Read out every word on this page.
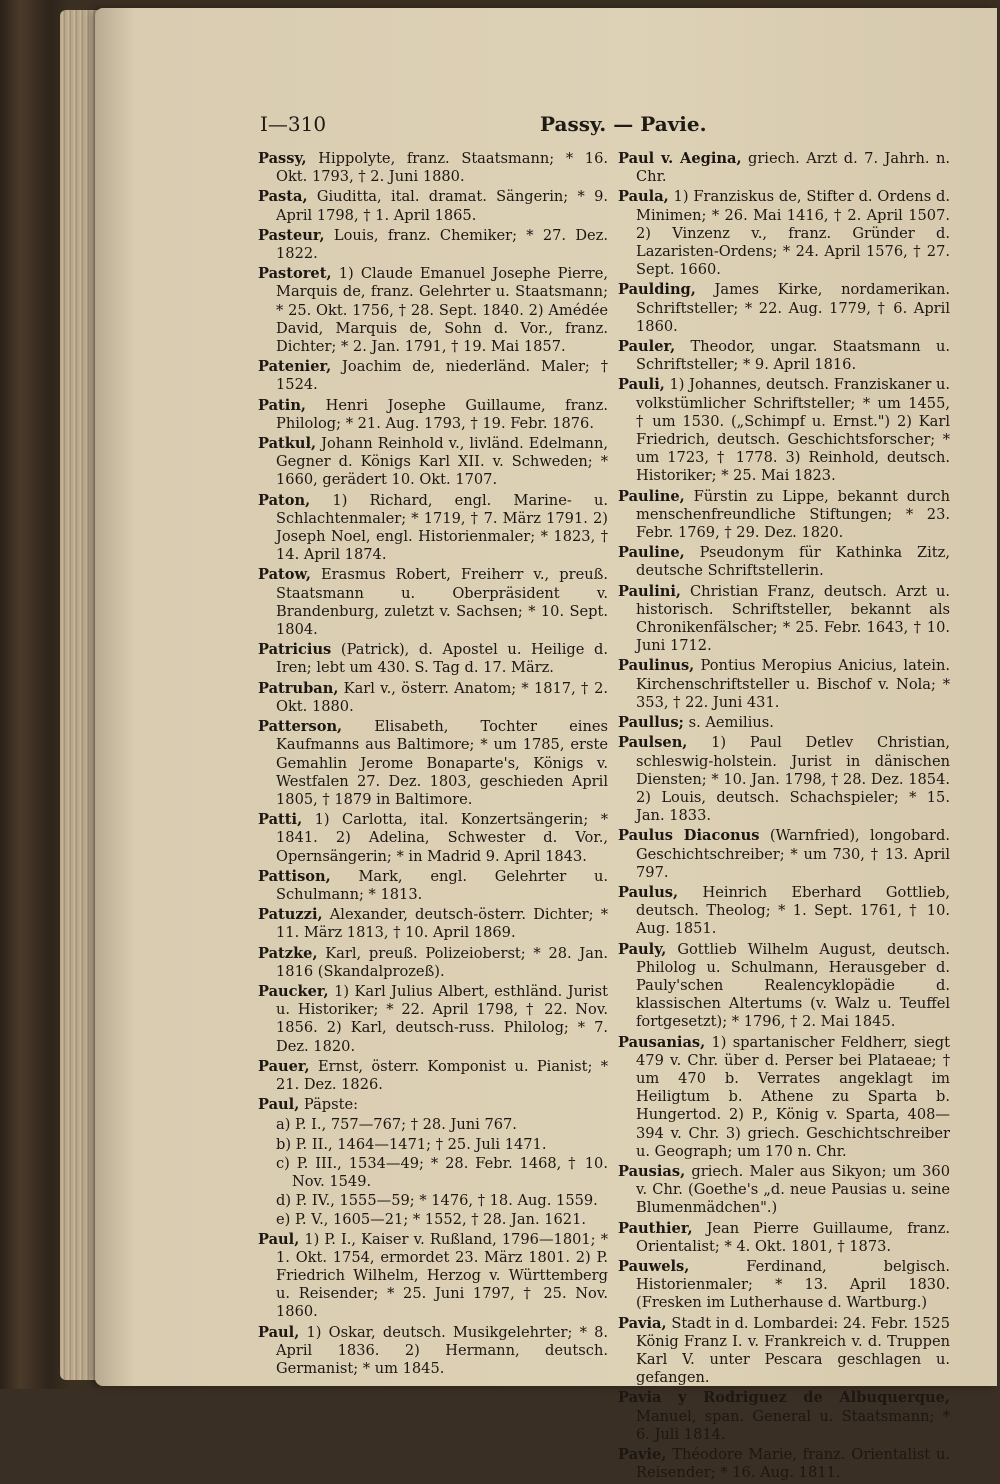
I—310	Passy. — Pavie.

Passy, Hippolyte, franz. Staatsmann; * 16. Okt. 1793, † 2. Juni 1880.

Pasta, Giuditta, ital. dramat. Sängerin; * 9. April 1798, † 1. April 1865.

Pasteur, Louis, franz. Chemiker; * 27. Dez. 1822.

Pastoret, 1) Claude Emanuel Josephe Pierre, Marquis de, franz. Gelehrter u. Staatsmann; * 25. Okt. 1756, † 28. Sept. 1840. 2) Amédée David, Marquis de, Sohn d. Vor., franz. Dichter; * 2. Jan. 1791, † 19. Mai 1857.

Patenier, Joachim de, niederländ. Maler; † 1524.

Patin, Henri Josephe Guillaume, franz. Philolog; * 21. Aug. 1793, † 19. Febr. 1876.

Patkul, Johann Reinhold v., livländ. Edelmann, Gegner d. Königs Karl XII. v. Schweden; * 1660, gerädert 10. Okt. 1707.

Paton, 1) Richard, engl. Marine- u. Schlachtenmaler; * 1719, † 7. März 1791. 2) Joseph Noel, engl. Historienmaler; * 1823, † 14. April 1874.

Patow, Erasmus Robert, Freiherr v., preuß. Staatsmann u. Oberpräsident v. Brandenburg, zuletzt v. Sachsen; * 10. Sept. 1804.

Patricius (Patrick), d. Apostel u. Heilige d. Iren; lebt um 430. S. Tag d. 17. März.

Patruban, Karl v., österr. Anatom; * 1817, † 2. Okt. 1880.

Patterson, Elisabeth, Tochter eines Kaufmanns aus Baltimore; * um 1785, erste Gemahlin Jerome Bonaparte's, Königs v. Westfalen 27. Dez. 1803, geschieden April 1805, † 1879 in Baltimore.

Patti, 1) Carlotta, ital. Konzertsängerin; * 1841. 2) Adelina, Schwester d. Vor., Opernsängerin; * in Madrid 9. April 1843.

Pattison, Mark, engl. Gelehrter u. Schulmann; * 1813.

Patuzzi, Alexander, deutsch-österr. Dichter; * 11. März 1813, † 10. April 1869.

Patzke, Karl, preuß. Polizeioberst; * 28. Jan. 1816 (Skandalprozeß).

Paucker, 1) Karl Julius Albert, esthländ. Jurist u. Historiker; * 22. April 1798, † 22. Nov. 1856. 2) Karl, deutsch-russ. Philolog; * 7. Dez. 1820.

Pauer, Ernst, österr. Komponist u. Pianist; * 21. Dez. 1826.

Paul, Päpste:

a) P. I., 757—767; † 28. Juni 767.

b) P. II., 1464—1471; † 25. Juli 1471.

c) P. III., 1534—49; * 28. Febr. 1468, † 10. Nov. 1549.

d) P. IV., 1555—59; * 1476, † 18. Aug. 1559.

e) P. V., 1605—21; * 1552, † 28. Jan. 1621.

Paul, 1) P. I., Kaiser v. Rußland, 1796—1801; * 1. Okt. 1754, ermordet 23. März 1801. 2) P. Friedrich Wilhelm, Herzog v. Württemberg u. Reisender; * 25. Juni 1797, † 25. Nov. 1860.

Paul, 1) Oskar, deutsch. Musikgelehrter; * 8. April 1836. 2) Hermann, deutsch. Germanist; * um 1845.

Paul v. Aegina, griech. Arzt d. 7. Jahrh. n. Chr.

Paula, 1) Franziskus de, Stifter d. Ordens d. Minimen; * 26. Mai 1416, † 2. April 1507. 2) Vinzenz v., franz. Gründer d. Lazaristen-Ordens; * 24. April 1576, † 27. Sept. 1660.

Paulding, James Kirke, nordamerikan. Schriftsteller; * 22. Aug. 1779, † 6. April 1860.

Pauler, Theodor, ungar. Staatsmann u. Schriftsteller; * 9. April 1816.

Pauli, 1) Johannes, deutsch. Franziskaner u. volkstümlicher Schriftsteller; * um 1455, † um 1530. („Schimpf u. Ernst.") 2) Karl Friedrich, deutsch. Geschichtsforscher; * um 1723, † 1778. 3) Reinhold, deutsch. Historiker; * 25. Mai 1823.

Pauline, Fürstin zu Lippe, bekannt durch menschenfreundliche Stiftungen; * 23. Febr. 1769, † 29. Dez. 1820.

Pauline, Pseudonym für Kathinka Zitz, deutsche Schriftstellerin.

Paulini, Christian Franz, deutsch. Arzt u. historisch. Schriftsteller, bekannt als Chronikenfälscher; * 25. Febr. 1643, † 10. Juni 1712.

Paulinus, Pontius Meropius Anicius, latein. Kirchenschriftsteller u. Bischof v. Nola; * 353, † 22. Juni 431.

Paullus; s. Aemilius.

Paulsen, 1) Paul Detlev Christian, schleswig-holstein. Jurist in dänischen Diensten; * 10. Jan. 1798, † 28. Dez. 1854. 2) Louis, deutsch. Schachspieler; * 15. Jan. 1833.

Paulus Diaconus (Warnfried), longobard. Geschichtschreiber; * um 730, † 13. April 797.

Paulus, Heinrich Eberhard Gottlieb, deutsch. Theolog; * 1. Sept. 1761, † 10. Aug. 1851.

Pauly, Gottlieb Wilhelm August, deutsch. Philolog u. Schulmann, Herausgeber d. Pauly'schen Realencyklopädie d. klassischen Altertums (v. Walz u. Teuffel fortgesetzt); * 1796, † 2. Mai 1845.

Pausanias, 1) spartanischer Feldherr, siegt 479 v. Chr. über d. Perser bei Plataeae; † um 470 b. Verrates angeklagt im Heiligtum b. Athene zu Sparta b. Hungertod. 2) P., König v. Sparta, 408—394 v. Chr. 3) griech. Geschichtschreiber u. Geograph; um 170 n. Chr.

Pausias, griech. Maler aus Sikyon; um 360 v. Chr. (Goethe's „d. neue Pausias u. seine Blumenmädchen".)

Pauthier, Jean Pierre Guillaume, franz. Orientalist; * 4. Okt. 1801, † 1873.

Pauwels, Ferdinand, belgisch. Historienmaler; * 13. April 1830. (Fresken im Lutherhause d. Wartburg.)

Pavia, Stadt in d. Lombardei: 24. Febr. 1525 König Franz I. v. Frankreich v. d. Truppen Karl V. unter Pescara geschlagen u. gefangen.

Pavia y Rodriguez de Albuquerque, Manuel, span. General u. Staatsmann; * 6. Juli 1814.

Pavie, Théodore Marie, franz. Orientalist u. Reisender; * 16. Aug. 1811.
